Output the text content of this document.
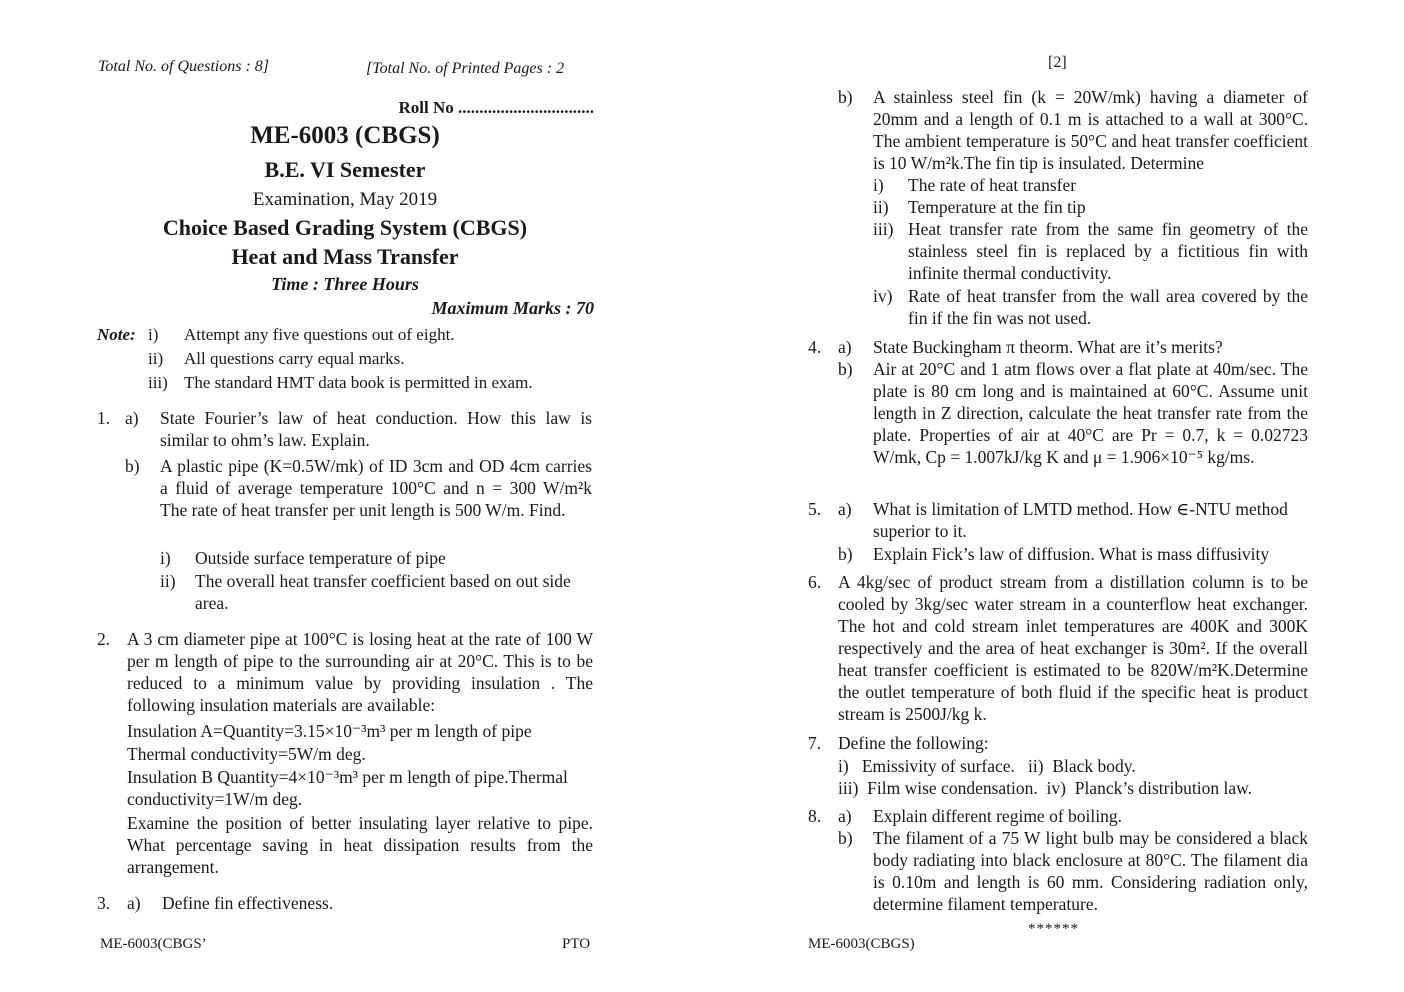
Total No. of Questions : 8]	[Total No. of Printed Pages : 2
Roll No ................................
ME-6003 (CBGS)
B.E. VI Semester
Examination, May 2019
Choice Based Grading System (CBGS)
Heat and Mass Transfer
Time : Three Hours
Maximum Marks : 70
Note: i) Attempt any five questions out of eight.
ii) All questions carry equal marks.
iii) The standard HMT data book is permitted in exam.
1. a)	State Fourier’s law of heat conduction. How this law is similar to ohm’s law. Explain.
b)	A plastic pipe (K=0.5W/mk) of ID 3cm and OD 4cm carries a fluid of average temperature 100°C and n = 300 W/m²k The rate of heat transfer per unit length is 500 W/m. Find.
i)	Outside surface temperature of pipe
ii)	The overall heat transfer coefficient based on out side area.
2. A 3 cm diameter pipe at 100°C is losing heat at the rate of 100 W per m length of pipe to the surrounding air at 20°C. This is to be reduced to a minimum value by providing insulation . The following insulation materials are available:
Insulation A=Quantity=3.15×10⁻³m³ per m length of pipe
Thermal conductivity=5W/m deg.
Insulation B Quantity=4×10⁻³m³ per m length of pipe.Thermal conductivity=1W/m deg.
Examine the position of better insulating layer relative to pipe. What percentage saving in heat dissipation results from the arrangement.
3. a)	Define fin effectiveness.
ME-6003(CBGS’	PTO
[2]
b)	A stainless steel fin (k = 20W/mk) having a diameter of 20mm and a length of 0.1 m is attached to a wall at 300°C. The ambient temperature is 50°C and heat transfer coefficient is 10 W/m²k.The fin tip is insulated. Determine
i)	The rate of heat transfer
ii)	Temperature at the fin tip
iii) Heat transfer rate from the same fin geometry of the stainless steel fin is replaced by a fictitious fin with infinite thermal conductivity.
iv) Rate of heat transfer from the wall area covered by the fin if the fin was not used.
4. a)	State Buckingham π theorm. What are it’s merits?
b)	Air at 20°C and 1 atm flows over a flat plate at 40m/sec. The plate is 80 cm long and is maintained at 60°C. Assume unit length in Z direction, calculate the heat transfer rate from the plate. Properties of air at 40°C are Pr = 0.7, k = 0.02723 W/mk, Cp = 1.007kJ/kg K and μ = 1.906×10⁻⁵ kg/ms.
5. a)	What is limitation of LMTD method. How ∈-NTU method superior to it.
b)	Explain Fick’s law of diffusion. What is mass diffusivity
6. A 4kg/sec of product stream from a distillation column is to be cooled by 3kg/sec water stream in a counterflow heat exchanger. The hot and cold stream inlet temperatures are 400K and 300K respectively and the area of heat exchanger is 30m². If the overall heat transfer coefficient is estimated to be 820W/m²K.Determine the outlet temperature of both fluid if the specific heat is product stream is 2500J/kg k.
7. Define the following:
i)   Emissivity of surface.   ii)  Black body.
iii)  Film wise condensation.  iv)  Planck’s distribution law.
8. a)	Explain different regime of boiling.
b)	The filament of a 75 W light bulb may be considered a black body radiating into black enclosure at 80°C. The filament dia is 0.10m and length is 60 mm. Considering radiation only, determine filament temperature.
******
ME-6003(CBGS)
